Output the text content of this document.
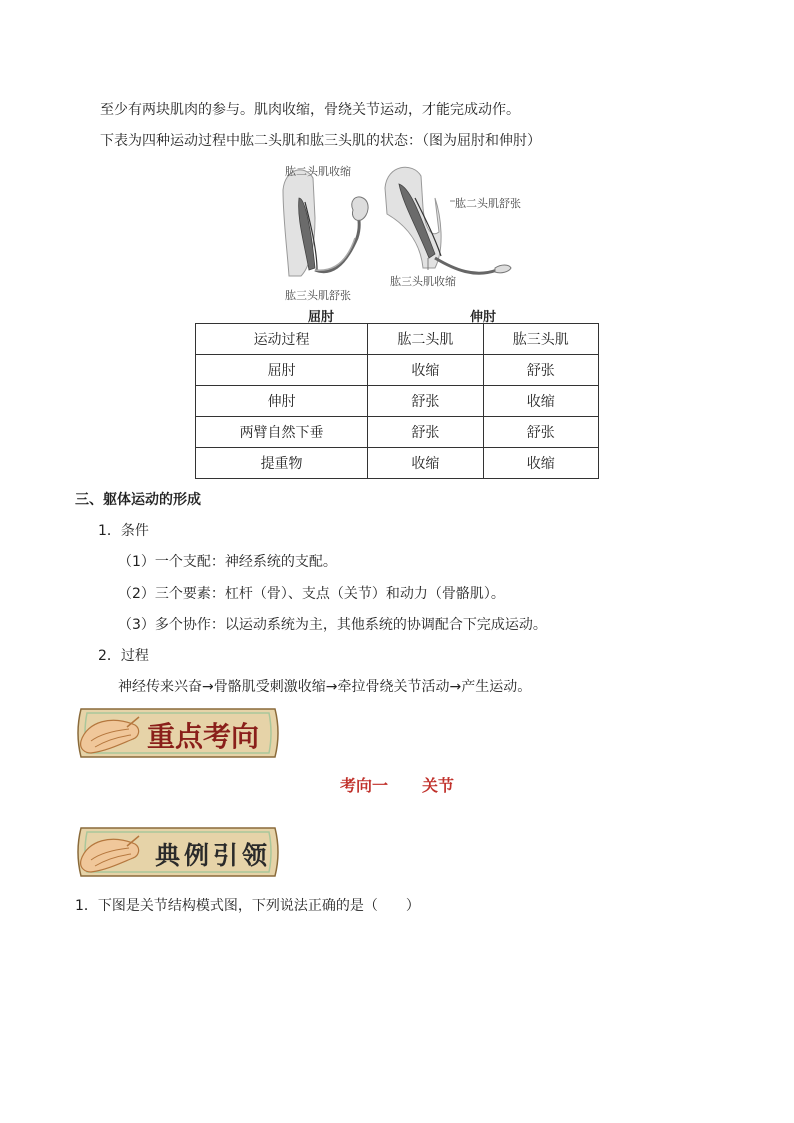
至少有两块肌肉的参与。肌肉收缩，骨绕关节运动，才能完成动作。
下表为四种运动过程中肱二头肌和肱三头肌的状态：（图为屈肘和伸肘）
肱二头肌收缩
肱三头肌舒张
肱二头肌舒张
肱三头肌收缩
屈肘	伸肘
运动过程	肱二头肌	肱三头肌
屈肘	收缩	舒张
伸肘	舒张	收缩
两臂自然下垂	舒张	舒张
提重物	收缩	收缩
三、躯体运动的形成
1．条件
（1）一个支配：神经系统的支配。
（2）三个要素：杠杆（骨）、支点（关节）和动力（骨骼肌）。
（3）多个协作：以运动系统为主，其他系统的协调配合下完成运动。
2．过程
神经传来兴奋→骨骼肌受刺激收缩→牵拉骨绕关节活动→产生运动。
重点考向
考向一 关节
典例引领
1．下图是关节结构模式图，下列说法正确的是（　　）
